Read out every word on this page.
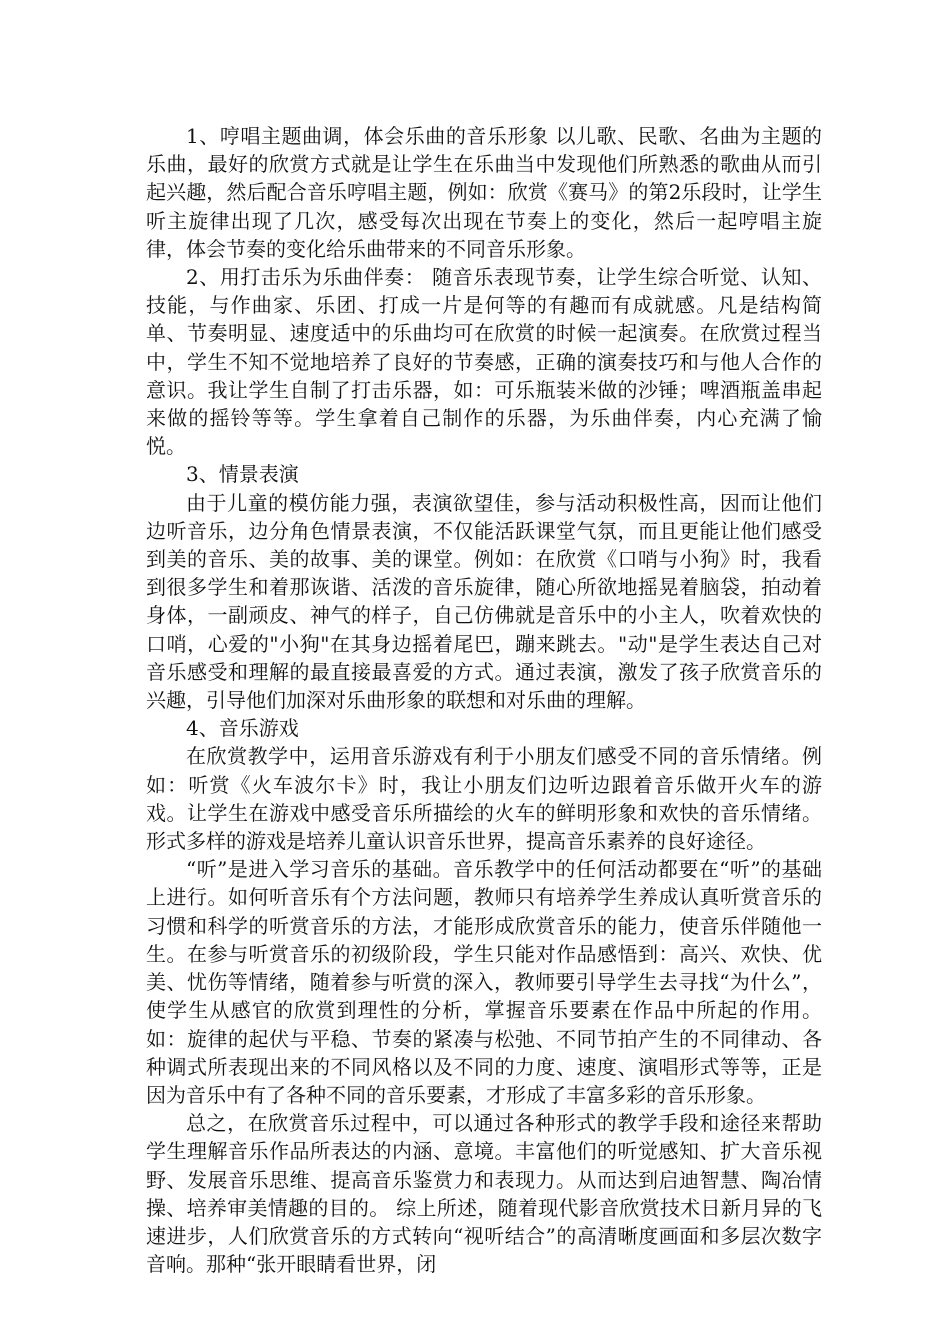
1、哼唱主题曲调，体会乐曲的音乐形象 以儿歌、民歌、名曲为主题的乐曲，最好的欣赏方式就是让学生在乐曲当中发现他们所熟悉的歌曲从而引起兴趣，然后配合音乐哼唱主题，例如：欣赏《赛马》的第2乐段时，让学生听主旋律出现了几次，感受每次出现在节奏上的变化，然后一起哼唱主旋律，体会节奏的变化给乐曲带来的不同音乐形象。

2、用打击乐为乐曲伴奏： 随音乐表现节奏，让学生综合听觉、认知、技能，与作曲家、乐团、打成一片是何等的有趣而有成就感。凡是结构简单、节奏明显、速度适中的乐曲均可在欣赏的时候一起演奏。在欣赏过程当中，学生不知不觉地培养了良好的节奏感，正确的演奏技巧和与他人合作的意识。我让学生自制了打击乐器，如：可乐瓶装米做的沙锤；啤酒瓶盖串起来做的摇铃等等。学生拿着自己制作的乐器，为乐曲伴奏，内心充满了愉悦。

3、情景表演

由于儿童的模仿能力强，表演欲望佳，参与活动积极性高，因而让他们边听音乐，边分角色情景表演，不仅能活跃课堂气氛，而且更能让他们感受到美的音乐、美的故事、美的课堂。例如：在欣赏《口哨与小狗》时，我看到很多学生和着那诙谐、活泼的音乐旋律，随心所欲地摇晃着脑袋，拍动着身体，一副顽皮、神气的样子，自己仿佛就是音乐中的小主人，吹着欢快的口哨，心爱的"小狗"在其身边摇着尾巴，蹦来跳去。"动"是学生表达自己对音乐感受和理解的最直接最喜爱的方式。通过表演，激发了孩子欣赏音乐的兴趣，引导他们加深对乐曲形象的联想和对乐曲的理解。

4、音乐游戏

在欣赏教学中，运用音乐游戏有利于小朋友们感受不同的音乐情绪。例如：听赏《火车波尔卡》时，我让小朋友们边听边跟着音乐做开火车的游戏。让学生在游戏中感受音乐所描绘的火车的鲜明形象和欢快的音乐情绪。形式多样的游戏是培养儿童认识音乐世界，提高音乐素养的良好途径。

“听”是进入学习音乐的基础。音乐教学中的任何活动都要在“听”的基础上进行。如何听音乐有个方法问题，教师只有培养学生养成认真听赏音乐的习惯和科学的听赏音乐的方法，才能形成欣赏音乐的能力，使音乐伴随他一生。在参与听赏音乐的初级阶段，学生只能对作品感悟到：高兴、欢快、优美、忧伤等情绪，随着参与听赏的深入，教师要引导学生去寻找“为什么”，使学生从感官的欣赏到理性的分析，掌握音乐要素在作品中所起的作用。如：旋律的起伏与平稳、节奏的紧凑与松弛、不同节拍产生的不同律动、各种调式所表现出来的不同风格以及不同的力度、速度、演唱形式等等，正是因为音乐中有了各种不同的音乐要素，才形成了丰富多彩的音乐形象。

总之，在欣赏音乐过程中，可以通过各种形式的教学手段和途径来帮助学生理解音乐作品所表达的内涵、意境。丰富他们的听觉感知、扩大音乐视野、发展音乐思维、提高音乐鉴赏力和表现力。从而达到启迪智慧、陶冶情操、培养审美情趣的目的。 综上所述，随着现代影音欣赏技术日新月异的飞速进步，人们欣赏音乐的方式转向“视听结合”的高清晰度画面和多层次数字音响。那种“张开眼睛看世界，闭
